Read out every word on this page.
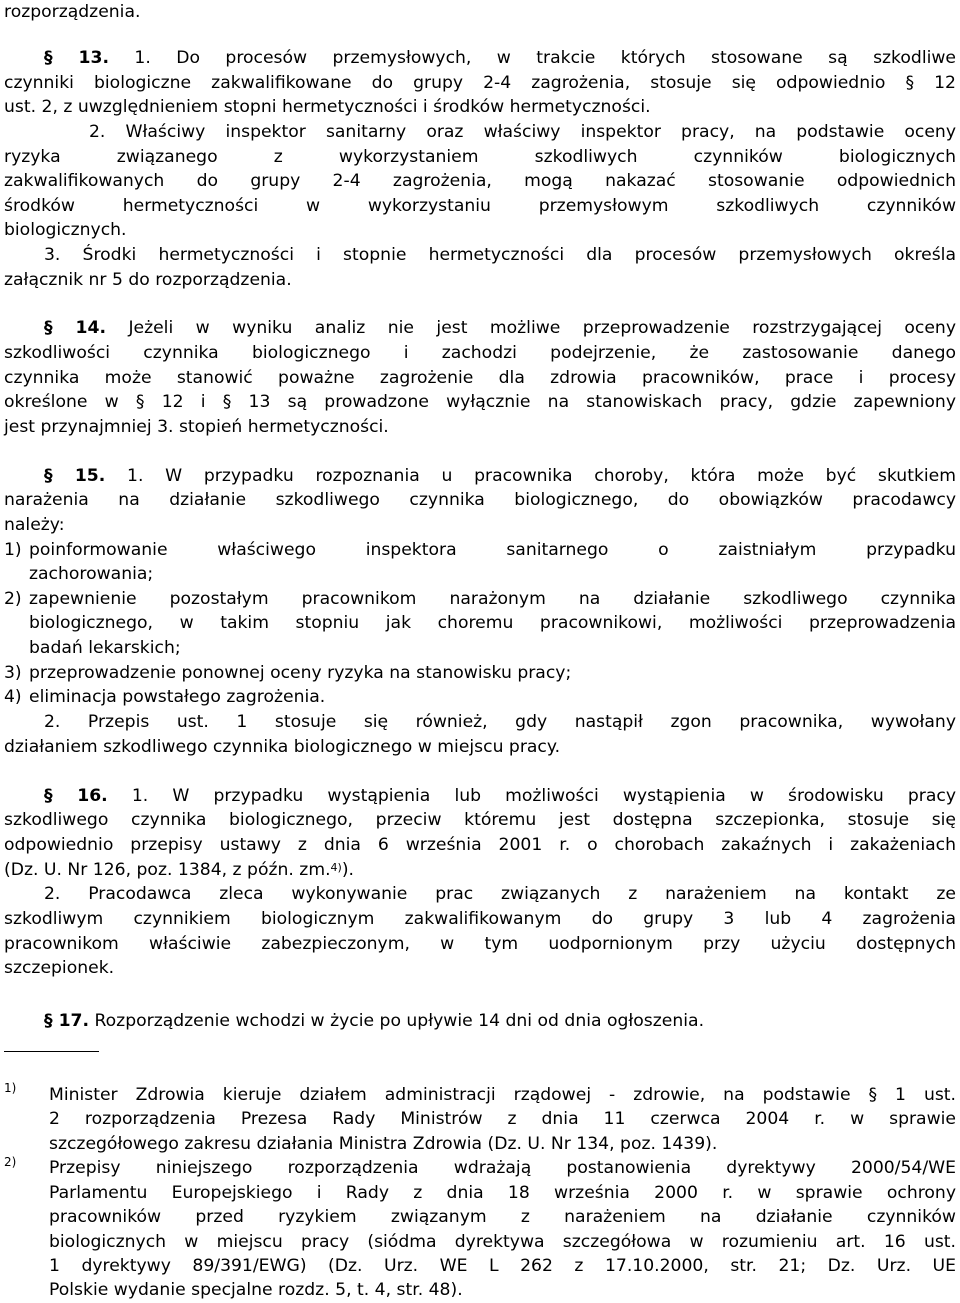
rozporządzenia.
§ 13. 1. Do procesów przemysłowych, w trakcie których stosowane są szkodliwe
czynniki biologiczne zakwalifikowane do grupy 2-4 zagrożenia, stosuje się odpowiednio § 12
ust. 2, z uwzględnieniem stopni hermetyczności i środków hermetyczności.
2. Właściwy inspektor sanitarny oraz właściwy inspektor pracy, na podstawie oceny
ryzyka związanego z wykorzystaniem szkodliwych czynników biologicznych
zakwalifikowanych do grupy 2-4 zagrożenia, mogą nakazać stosowanie odpowiednich
środków hermetyczności w wykorzystaniu przemysłowym szkodliwych czynników
biologicznych.
3. Środki hermetyczności i stopnie hermetyczności dla procesów przemysłowych określa
załącznik nr 5 do rozporządzenia.
§ 14. Jeżeli w wyniku analiz nie jest możliwe przeprowadzenie rozstrzygającej oceny
szkodliwości czynnika biologicznego i zachodzi podejrzenie, że zastosowanie danego
czynnika może stanowić poważne zagrożenie dla zdrowia pracowników, prace i procesy
określone w § 12 i § 13 są prowadzone wyłącznie na stanowiskach pracy, gdzie zapewniony
jest przynajmniej 3. stopień hermetyczności.
§ 15. 1. W przypadku rozpoznania u pracownika choroby, która może być skutkiem
narażenia na działanie szkodliwego czynnika biologicznego, do obowiązków pracodawcy
należy:
1) poinformowanie właściwego inspektora sanitarnego o zaistniałym przypadku
zachorowania;
2) zapewnienie pozostałym pracownikom narażonym na działanie szkodliwego czynnika
biologicznego, w takim stopniu jak choremu pracownikowi, możliwości przeprowadzenia
badań lekarskich;
3) przeprowadzenie ponownej oceny ryzyka na stanowisku pracy;
4) eliminacja powstałego zagrożenia.
2. Przepis ust. 1 stosuje się również, gdy nastąpił zgon pracownika, wywołany
działaniem szkodliwego czynnika biologicznego w miejscu pracy.
§ 16. 1. W przypadku wystąpienia lub możliwości wystąpienia w środowisku pracy
szkodliwego czynnika biologicznego, przeciw któremu jest dostępna szczepionka, stosuje się
odpowiednio przepisy ustawy z dnia 6 września 2001 r. o chorobach zakaźnych i zakażeniach
(Dz. U. Nr 126, poz. 1384, z późn. zm.$^{4)}$).
2. Pracodawca zleca wykonywanie prac związanych z narażeniem na kontakt ze
szkodliwym czynnikiem biologicznym zakwalifikowanym do grupy 3 lub 4 zagrożenia
pracownikom właściwie zabezpieczonym, w tym uodpornionym przy użyciu dostępnych
szczepionek.
§ 17. Rozporządzenie wchodzi w życie po upływie 14 dni od dnia ogłoszenia.
1) Minister Zdrowia kieruje działem administracji rządowej - zdrowie, na podstawie § 1 ust.
2 rozporządzenia Prezesa Rady Ministrów z dnia 11 czerwca 2004 r. w sprawie
szczegółowego zakresu działania Ministra Zdrowia (Dz. U. Nr 134, poz. 1439).
2) Przepisy niniejszego rozporządzenia wdrażają postanowienia dyrektywy 2000/54/WE
Parlamentu Europejskiego i Rady z dnia 18 września 2000 r. w sprawie ochrony
pracowników przed ryzykiem związanym z narażeniem na działanie czynników
biologicznych w miejscu pracy (siódma dyrektywa szczegółowa w rozumieniu art. 16 ust.
1 dyrektywy 89/391/EWG) (Dz. Urz. WE L 262 z 17.10.2000, str. 21; Dz. Urz. UE
Polskie wydanie specjalne rozdz. 5, t. 4, str. 48).
